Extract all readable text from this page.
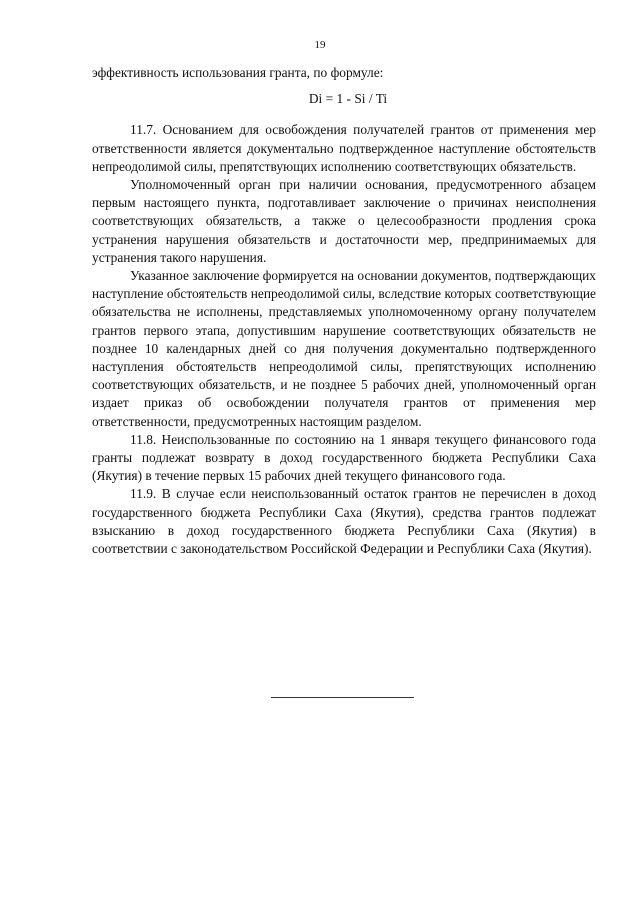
19

эффективность использования гранта, по формуле:

Di = 1 - Si / Ti

11.7. Основанием для освобождения получателей грантов от применения мер ответственности является документально подтвержденное наступление обстоятельств непреодолимой силы, препятствующих исполнению соответствующих обязательств.

Уполномоченный орган при наличии основания, предусмотренного абзацем первым настоящего пункта, подготавливает заключение о причинах неисполнения соответствующих обязательств, а также о целесообразности продления срока устранения нарушения обязательств и достаточности мер, предпринимаемых для устранения такого нарушения.

Указанное заключение формируется на основании документов, подтверждающих наступление обстоятельств непреодолимой силы, вследствие которых соответствующие обязательства не исполнены, представляемых уполномоченному органу получателем грантов первого этапа, допустившим нарушение соответствующих обязательств не позднее 10 календарных дней со дня получения документально подтвержденного наступления обстоятельств непреодолимой силы, препятствующих исполнению соответствующих обязательств, и не позднее 5 рабочих дней, уполномоченный орган издает приказ об освобождении получателя грантов от применения мер ответственности, предусмотренных настоящим разделом.

11.8. Неиспользованные по состоянию на 1 января текущего финансового года гранты подлежат возврату в доход государственного бюджета Республики Саха (Якутия) в течение первых 15 рабочих дней текущего финансового года.

11.9. В случае если неиспользованный остаток грантов не перечислен в доход государственного бюджета Республики Саха (Якутия), средства грантов подлежат взысканию в доход государственного бюджета Республики Саха (Якутия) в соответствии с законодательством Российской Федерации и Республики Саха (Якутия).
